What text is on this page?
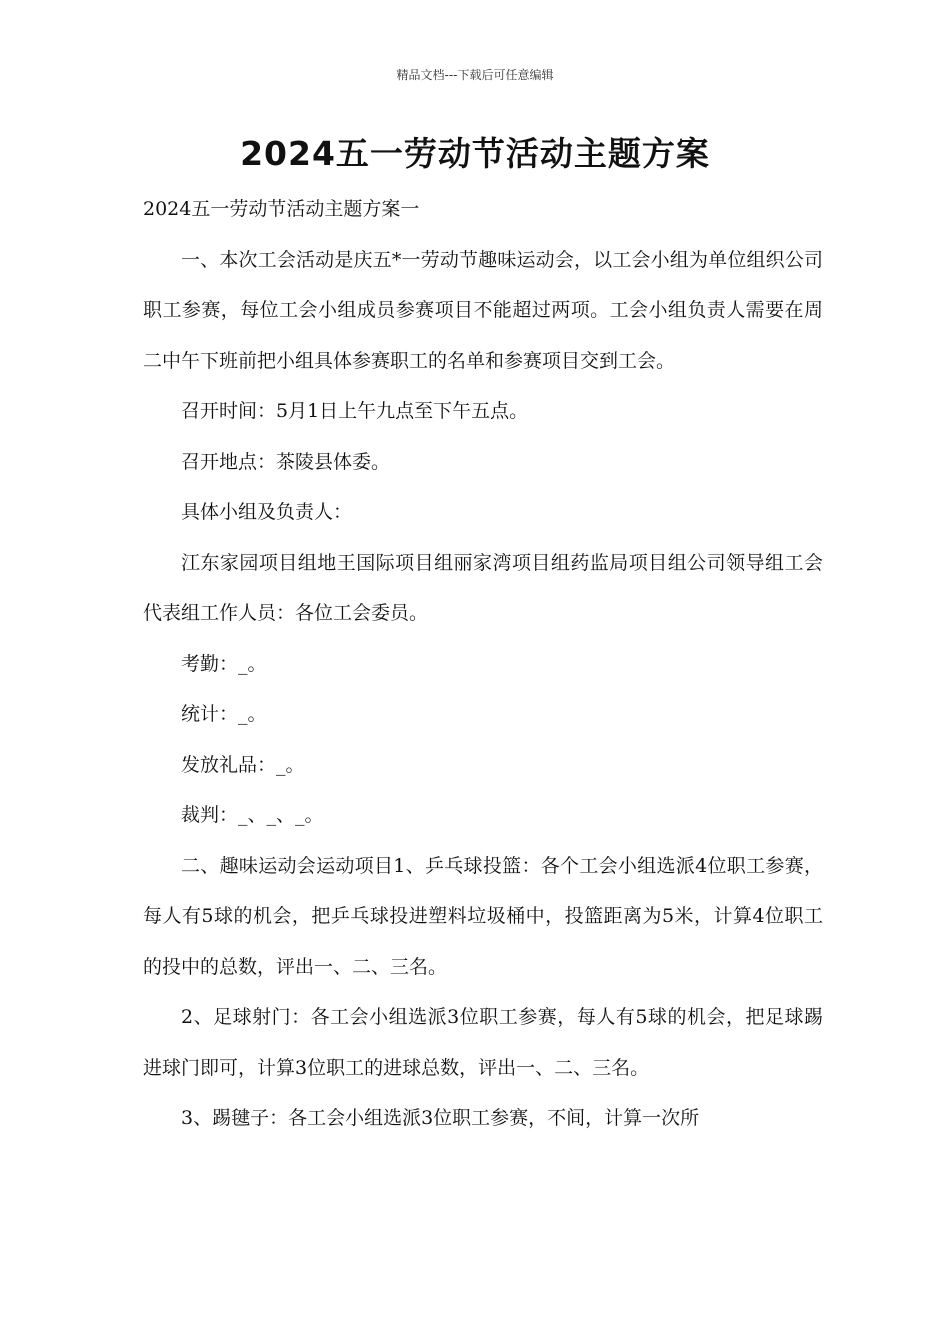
精品文档---下载后可任意编辑
2024五一劳动节活动主题方案

2024五一劳动节活动主题方案一

一、本次工会活动是庆五*一劳动节趣味运动会，以工会小组为单位组织公司职工参赛，每位工会小组成员参赛项目不能超过两项。工会小组负责人需要在周二中午下班前把小组具体参赛职工的名单和参赛项目交到工会。

召开时间：5月1日上午九点至下午五点。

召开地点：茶陵县体委。

具体小组及负责人：

江东家园项目组地王国际项目组丽家湾项目组药监局项目组公司领导组工会代表组工作人员：各位工会委员。

考勤：_。

统计：_。

发放礼品：_。

裁判：_、_、_。

二、趣味运动会运动项目1、乒乓球投篮：各个工会小组选派4位职工参赛，每人有5球的机会，把乒乓球投进塑料垃圾桶中，投篮距离为5米，计算4位职工的投中的总数，评出一、二、三名。

2、足球射门：各工会小组选派3位职工参赛，每人有5球的机会，把足球踢进球门即可，计算3位职工的进球总数，评出一、二、三名。

3、踢毽子：各工会小组选派3位职工参赛，不间，计算一次所
